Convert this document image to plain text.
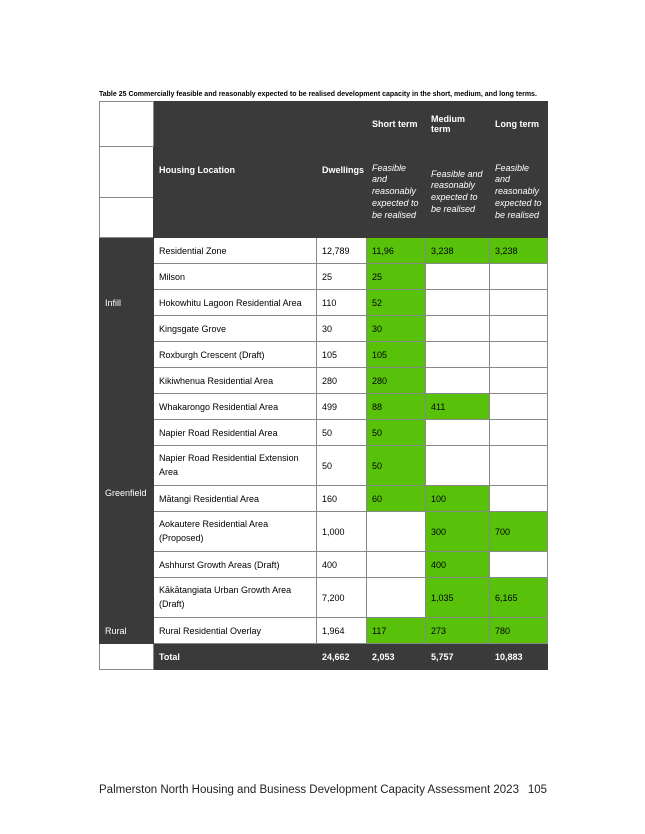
Table 25 Commercially feasible and reasonably expected to be realised development capacity in the short, medium, and long terms.
	Housing Location	Dwellings	Short term	Medium term	Long term
			Feasible and reasonably expected to be realised	Feasible and reasonably expected to be realised	Feasible and reasonably expected to be realised

Infill	Residential Zone	12,789	11,96	3,238	3,238
	Milson	25	25		
	Hokowhitu Lagoon Residential Area	110	52		
	Kingsgate Grove	30	30		
	Roxburgh Crescent (Draft)	105	105		
Greenfield	Kikiwhenua Residential Area	280	280		
	Whakarongo Residential Area	499	88	411	
	Napier Road Residential Area	50	50		
	Napier Road Residential Extension Area	50	50		
	Mātangi Residential Area	160	60	100	
	Aokautere Residential Area (Proposed)	1,000		300	700
	Ashhurst Growth Areas (Draft)	400		400	
	Kākātangiata Urban Growth Area (Draft)	7,200		1,035	6,165
Rural	Rural Residential Overlay	1,964	117	273	780
	Total	24,662	2,053	5,757	10,883
Palmerston North Housing and Business Development Capacity Assessment 2023 105
